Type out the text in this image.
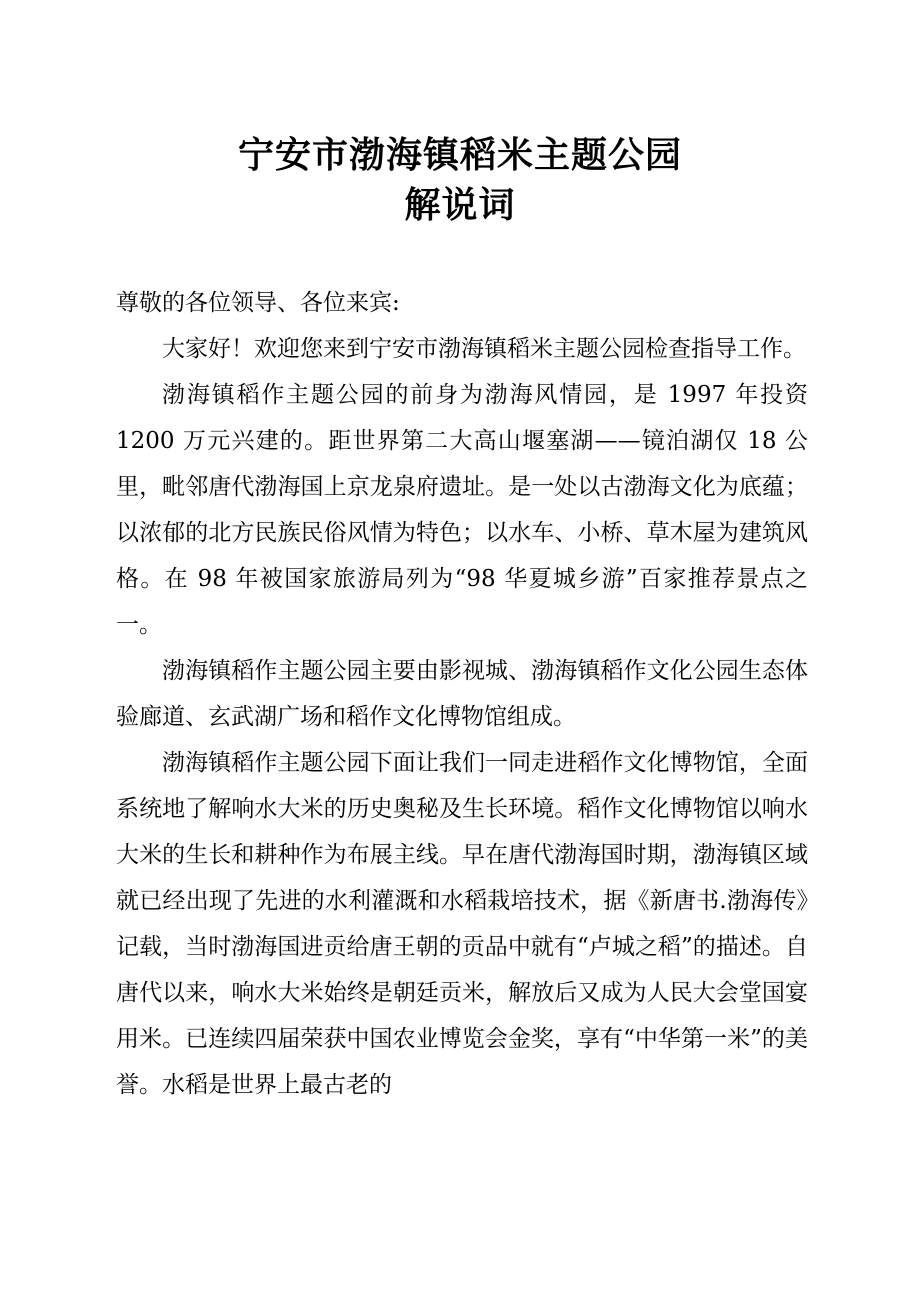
宁安市渤海镇稻米主题公园
解说词

尊敬的各位领导、各位来宾:

大家好！欢迎您来到宁安市渤海镇稻米主题公园检查指导工作。

渤海镇稻作主题公园的前身为渤海风情园，是 1997 年投资 1200 万元兴建的。距世界第二大高山堰塞湖——镜泊湖仅 18 公里，毗邻唐代渤海国上京龙泉府遗址。是一处以古渤海文化为底蕴；以浓郁的北方民族民俗风情为特色；以水车、小桥、草木屋为建筑风格。在 98 年被国家旅游局列为“98 华夏城乡游”百家推荐景点之一。

渤海镇稻作主题公园主要由影视城、渤海镇稻作文化公园生态体验廊道、玄武湖广场和稻作文化博物馆组成。

渤海镇稻作主题公园下面让我们一同走进稻作文化博物馆，全面系统地了解响水大米的历史奥秘及生长环境。稻作文化博物馆以响水大米的生长和耕种作为布展主线。早在唐代渤海国时期，渤海镇区域就已经出现了先进的水利灌溉和水稻栽培技术，据《新唐书.渤海传》记载，当时渤海国进贡给唐王朝的贡品中就有“卢城之稻”的描述。自唐代以来，响水大米始终是朝廷贡米，解放后又成为人民大会堂国宴用米。已连续四届荣获中国农业博览会金奖，享有“中华第一米”的美誉。水稻是世界上最古老的
